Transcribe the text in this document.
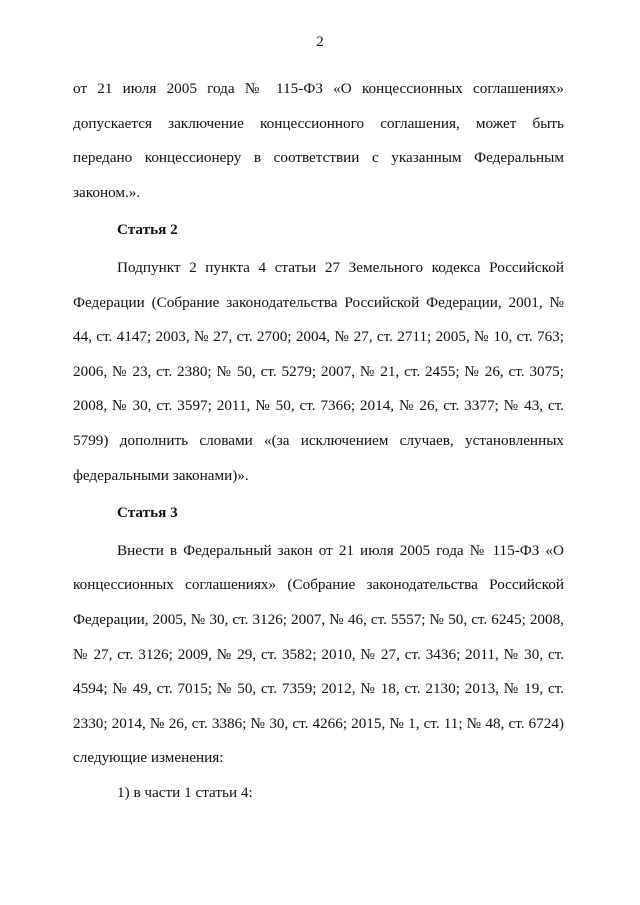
2

от 21 июля 2005 года № 115-ФЗ «О концессионных соглашениях» допускается заключение концессионного соглашения, может быть передано концессионеру в соответствии с указанным Федеральным законом.».

Статья 2

Подпункт 2 пункта 4 статьи 27 Земельного кодекса Российской Федерации (Собрание законодательства Российской Федерации, 2001, № 44, ст. 4147; 2003, № 27, ст. 2700; 2004, № 27, ст. 2711; 2005, № 10, ст. 763; 2006, № 23, ст. 2380; № 50, ст. 5279; 2007, № 21, ст. 2455; № 26, ст. 3075; 2008, № 30, ст. 3597; 2011, № 50, ст. 7366; 2014, № 26, ст. 3377; № 43, ст. 5799) дополнить словами «(за исключением случаев, установленных федеральными законами)».

Статья 3

Внести в Федеральный закон от 21 июля 2005 года № 115-ФЗ «О концессионных соглашениях» (Собрание законодательства Российской Федерации, 2005, № 30, ст. 3126; 2007, № 46, ст. 5557; № 50, ст. 6245; 2008, № 27, ст. 3126; 2009, № 29, ст. 3582; 2010, № 27, ст. 3436; 2011, № 30, ст. 4594; № 49, ст. 7015; № 50, ст. 7359; 2012, № 18, ст. 2130; 2013, № 19, ст. 2330; 2014, № 26, ст. 3386; № 30, ст. 4266; 2015, № 1, ст. 11; № 48, ст. 6724) следующие изменения:

1) в части 1 статьи 4:
